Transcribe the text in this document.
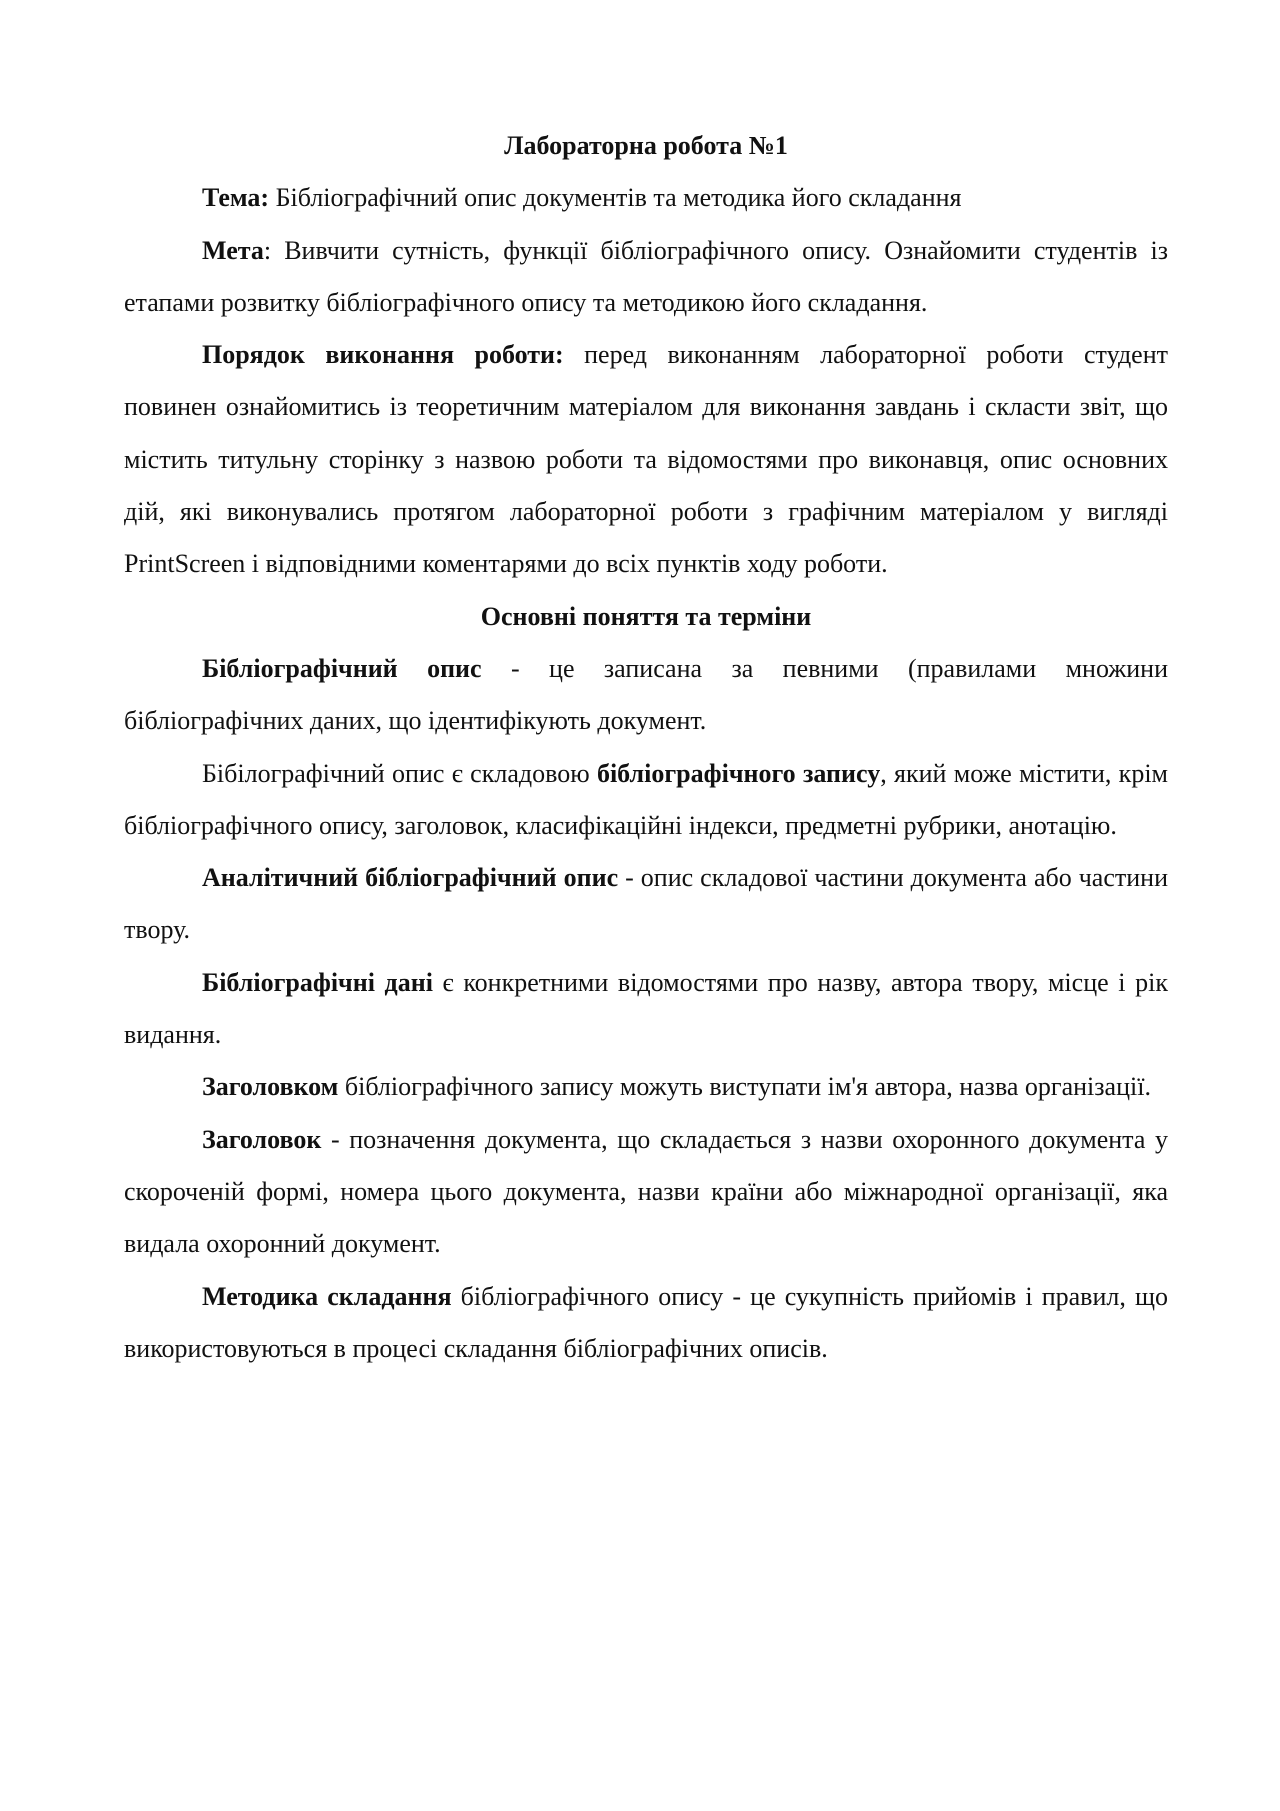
Лабораторна робота №1

Тема: Бібліографічний опис документів та методика його складання

Мета: Вивчити сутність, функції бібліографічного опису. Ознайомити студентів із етапами розвитку бібліографічного опису та методикою його складання.

Порядок виконання роботи: перед виконанням лабораторної роботи студент повинен ознайомитись із теоретичним матеріалом для виконання завдань і скласти звіт, що містить титульну сторінку з назвою роботи та відомостями про виконавця, опис основних дій, які виконувались протягом лабораторної роботи з графічним матеріалом у вигляді PrintScreen і відповідними коментарями до всіх пунктів ходу роботи.

Основні поняття та терміни

Бібліографічний опис - це записана за певними (правилами множини бібліографічних даних, що ідентифікують документ.

Бібілографічний опис є складовою бібліографічного запису, який може містити, крім бібліографічного опису, заголовок, класифікаційні індекси, предметні рубрики, анотацію.

Аналітичний бібліографічний опис - опис складової частини документа або частини твору.

Бібліографічні дані є конкретними відомостями про назву, автора твору, місце і рік видання.

Заголовком бібліографічного запису можуть виступати ім'я автора, назва організації.

Заголовок - позначення документа, що складається з назви охоронного документа у скороченій формі, номера цього документа, назви країни або міжнародної організації, яка видала охоронний документ.

Методика складання бібліографічного опису - це сукупність прийомів і правил, що використовуються в процесі складання бібліографічних описів.
